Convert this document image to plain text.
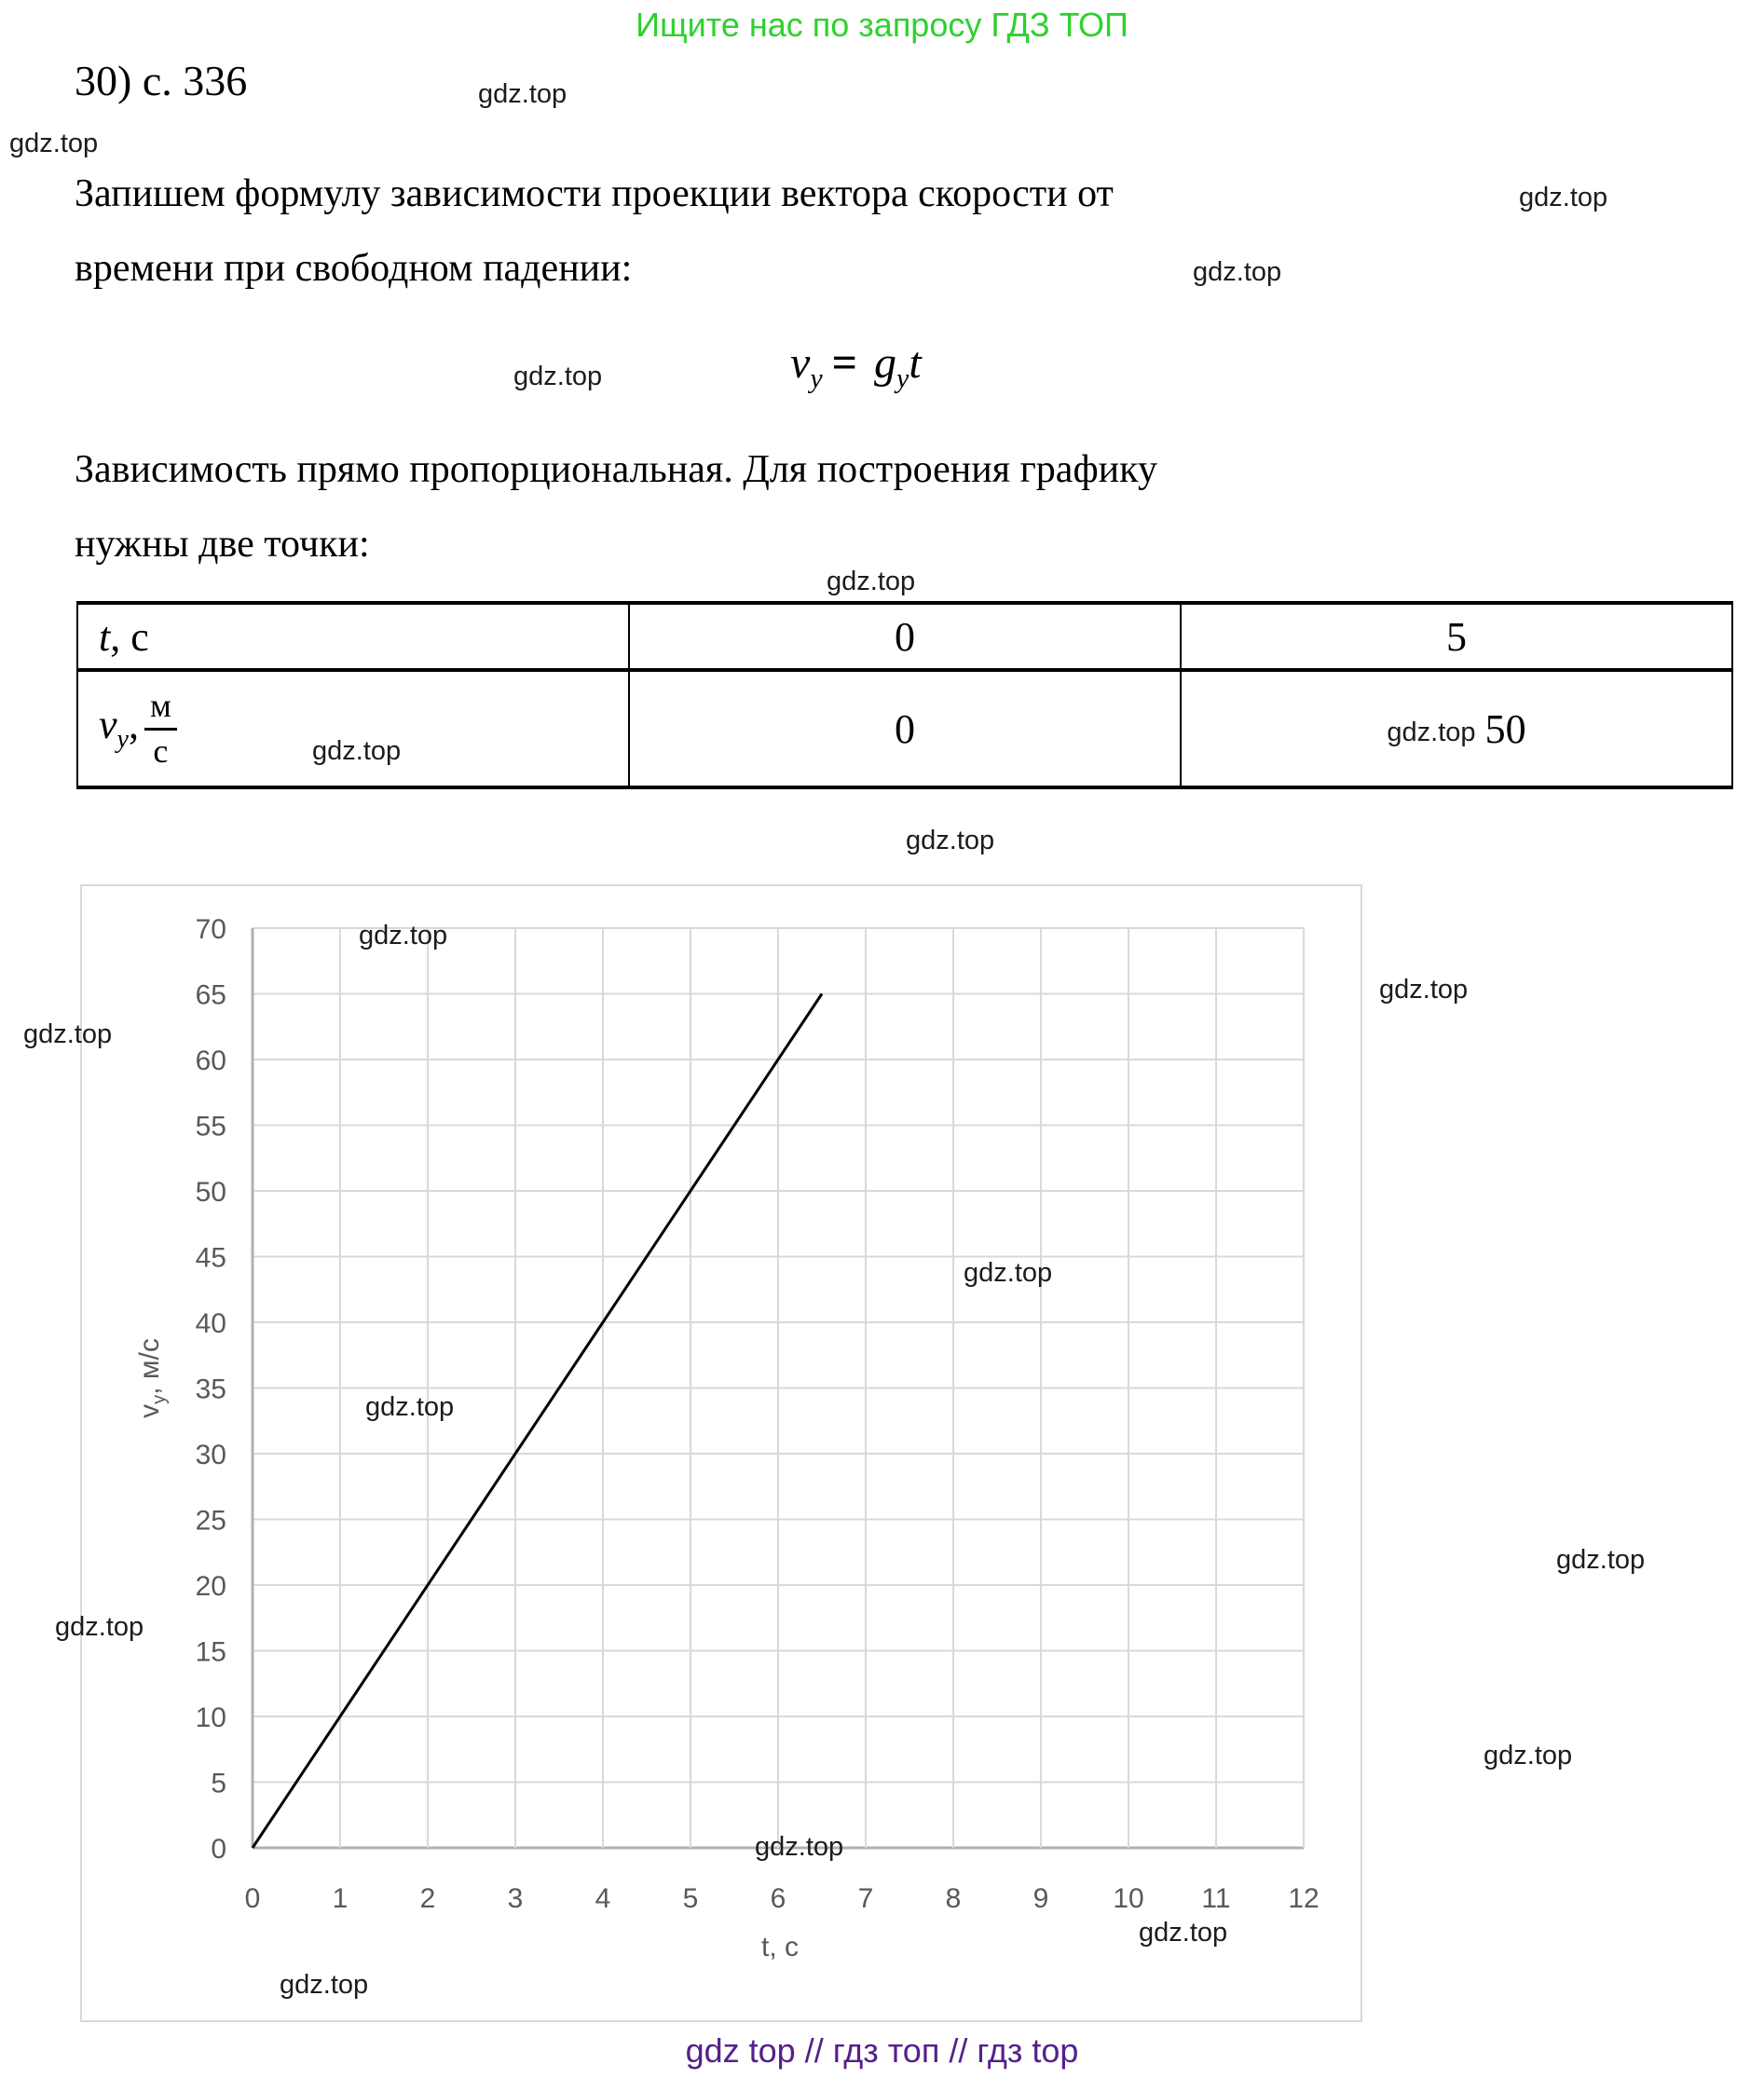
Ищите нас по запросу ГДЗ ТОП
30) с. 336
Запишем формулу зависимости проекции вектора скорости от
времени при свободном падении:
$v_y = g_yt$
Зависимость прямо пропорциональная. Для построения графику
нужны две точки:
t, с	0	5
$v_y$, $\frac{м}{с}$	0	gdz.top 50
0
5
10
15
20
25
30
35
40
45
50
55
60
65
70
0	1	2	3	4	5	6	7	8	9 10 11 12
$v_y$, м/с
t, с
gdz.top
gdz.top
gdz.top
gdz.top
gdz.top
gdz.top
gdz.top
gdz.top
gdz.top
gdz.top
gdz.top
gdz.top
gdz.top
gdz.top
gdz.top
gdz.top
gdz.top
gdz.top
gdz.top
gdz top // гдз топ // гдз top
